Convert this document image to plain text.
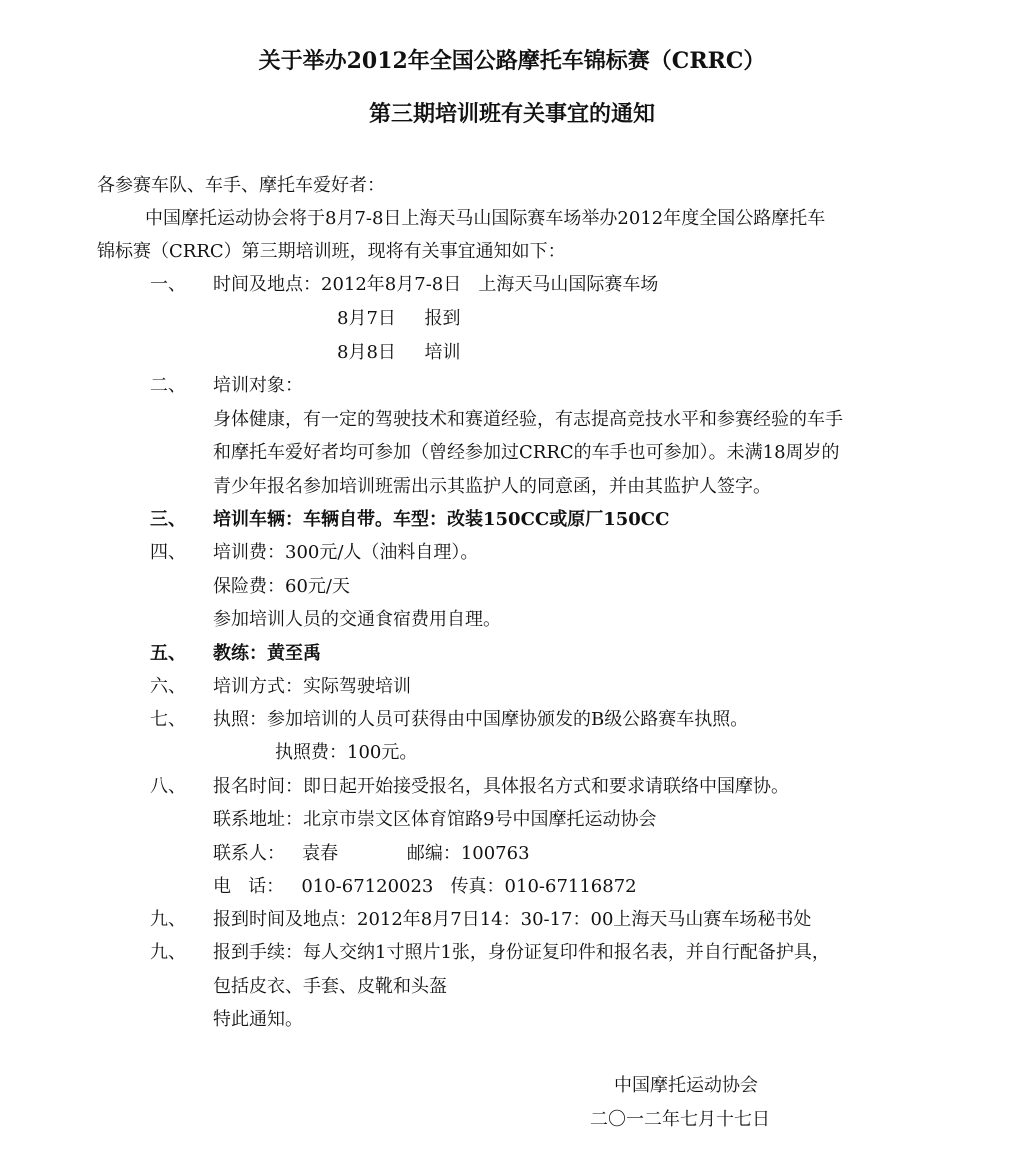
关于举办2012年全国公路摩托车锦标赛（CRRC）
第三期培训班有关事宜的通知
各参赛车队、车手、摩托车爱好者：
中国摩托运动协会将于8月7-8日上海天马山国际赛车场举办2012年度全国公路摩托车
锦标赛（CRRC）第三期培训班，现将有关事宜通知如下：
一、 时间及地点：2012年8月7-8日   上海天马山国际赛车场
8月7日     报到
8月8日     培训
二、 培训对象：
身体健康，有一定的驾驶技术和赛道经验，有志提高竞技水平和参赛经验的车手
和摩托车爱好者均可参加（曾经参加过CRRC的车手也可参加）。未满18周岁的
青少年报名参加培训班需出示其监护人的同意函，并由其监护人签字。
三、 培训车辆：车辆自带。车型：改装150CC或原厂150CC
四、 培训费：300元/人（油料自理）。
保险费：60元/天
参加培训人员的交通食宿费用自理。
五、 教练：黄至禹
六、 培训方式：实际驾驶培训
七、 执照：参加培训的人员可获得由中国摩协颁发的B级公路赛车执照。
执照费：100元。
八、 报名时间：即日起开始接受报名，具体报名方式和要求请联络中国摩协。
联系地址：北京市崇文区体育馆路9号中国摩托运动协会
联系人：   袁春            邮编：100763
电   话：   010-67120023   传真：010-67116872
九、 报到时间及地点：2012年8月7日14：30-17：00上海天马山赛车场秘书处
九、 报到手续：每人交纳1寸照片1张，身份证复印件和报名表，并自行配备护具，
包括皮衣、手套、皮靴和头盔
特此通知。
中国摩托运动协会
二〇一二年七月十七日
